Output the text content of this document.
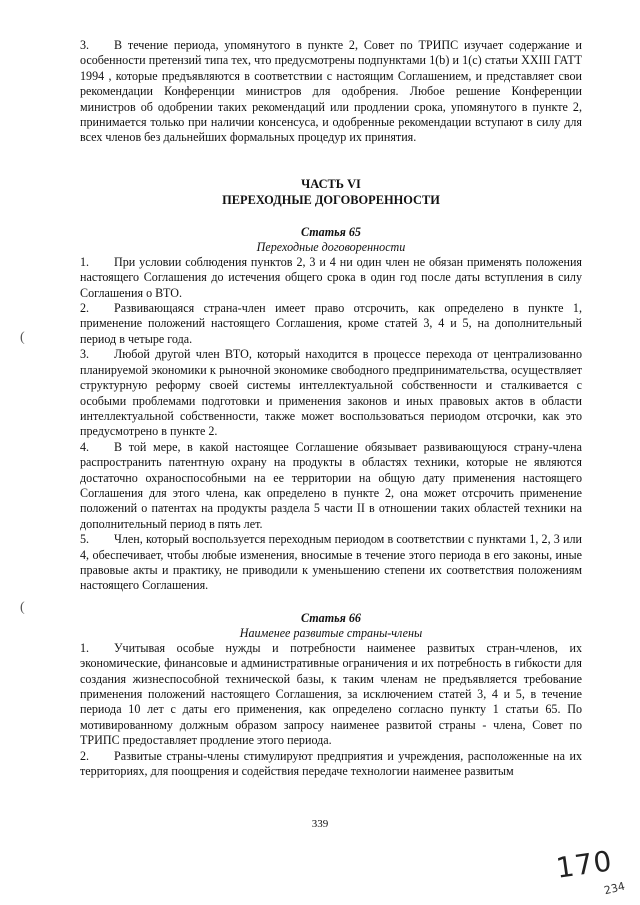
(
(

3. В течение периода, упомянутого в пункте 2, Совет по ТРИПС изучает содержание и особенности претензий типа тех, что предусмотрены подпунктами 1(b) и 1(с) статьи XXIII ГАТТ 1994 , которые предъявляются в соответствии с настоящим Соглашением, и представляет свои рекомендации Конференции министров для одобрения. Любое решение Конференции министров об одобрении таких рекомендаций или продлении срока, упомянутого в пункте 2, принимается только при наличии консенсуса, и одобренные рекомендации вступают в силу для всех членов без дальнейших формальных процедур их принятия.

ЧАСТЬ VI

ПЕРЕХОДНЫЕ ДОГОВОРЕННОСТИ

Статья 65

Переходные договоренности

1. При условии соблюдения пунктов 2, 3 и 4 ни один член не обязан применять положения настоящего Соглашения до истечения общего срока в один год после даты вступления в силу Соглашения о ВТО.

2. Развивающаяся страна-член имеет право отсрочить, как определено в пункте 1, применение положений настоящего Соглашения, кроме статей 3, 4 и 5, на дополнительный период в четыре года.

3. Любой другой член ВТО, который находится в процессе перехода от централизованно планируемой экономики к рыночной экономике свободного предпринимательства, осуществляет структурную реформу своей системы интеллектуальной собственности и сталкивается с особыми проблемами подготовки и применения законов и иных правовых актов в области интеллектуальной собственности, также может воспользоваться периодом отсрочки, как это предусмотрено в пункте 2.

4. В той мере, в какой настоящее Соглашение обязывает развивающуюся страну-члена распространить патентную охрану на продукты в областях техники, которые не являются достаточно охраноспособными на ее территории на общую дату применения настоящего Соглашения для этого члена, как определено в пункте 2, она может отсрочить применение положений о патентах на продукты раздела 5 части II в отношении таких областей техники на дополнительный период в пять лет.

5. Член, который воспользуется переходным периодом в соответствии с пунктами 1, 2, 3 или 4, обеспечивает, чтобы любые изменения, вносимые в течение этого периода в его законы, иные правовые акты и практику, не приводили к уменьшению степени их соответствия положениям настоящего Соглашения.

Статья 66

Наименее развитые страны-члены

1. Учитывая особые нужды и потребности наименее развитых стран-членов, их экономические, финансовые и административные ограничения и их потребность в гибкости для создания жизнеспособной технической базы, к таким членам не предъявляется требование применения положений настоящего Соглашения, за исключением статей 3, 4 и 5, в течение периода 10 лет с даты его применения, как определено согласно пункту 1 статьи 65. По мотивированному должным образом запросу наименее развитой страны - члена, Совет по ТРИПС предоставляет продление этого периода.

2. Развитые страны-члены стимулируют предприятия и учреждения, расположенные на их территориях, для поощрения и содействия передаче технологии наименее развитым

339
170
234
